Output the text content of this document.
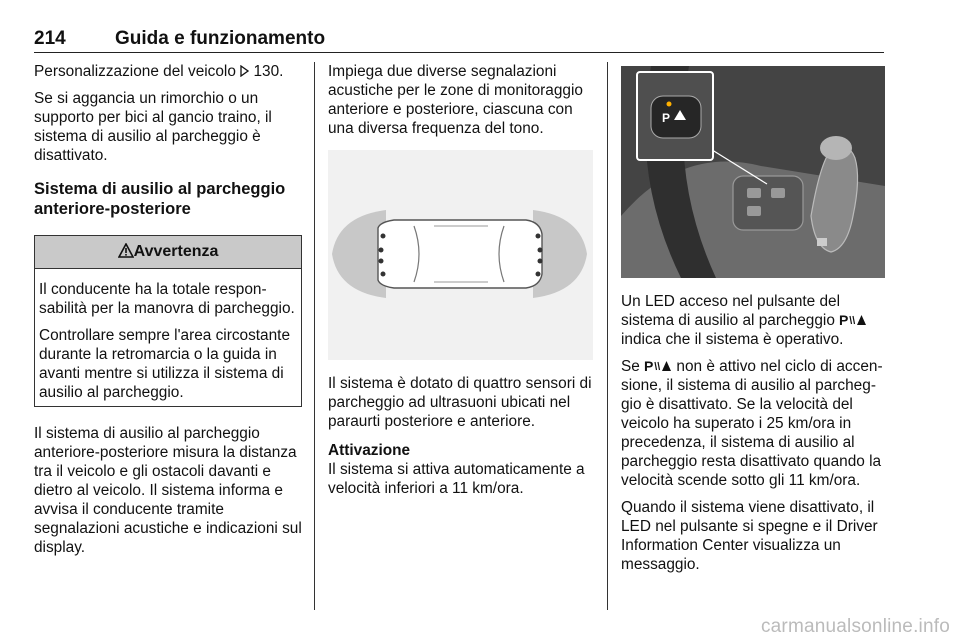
214	Guida e funzionamento

Personalizzazione del veicolo 130.

Se si aggancia un rimorchio o un supporto per bici al gancio traino, il sistema di ausilio al parcheggio è disattivato.

Sistema di ausilio al parcheggio anteriore-posteriore
Avvertenza

Il conducente ha la totale responsabilità per la manovra di parcheggio.

Controllare sempre l'area circostante durante la retromarcia o la guida in avanti mentre si utilizza il sistema di ausilio al parcheggio.

Il sistema di ausilio al parcheggio anteriore-posteriore misura la distanza tra il veicolo e gli ostacoli davanti e dietro al veicolo. Il sistema informa e avvisa il conducente tramite segnalazioni acustiche e indicazioni sul display.

Impiega due diverse segnalazioni acustiche per le zone di monitoraggio anteriore e posteriore, ciascuna con una diversa frequenza del tono.

Il sistema è dotato di quattro sensori di parcheggio ad ultrasuoni ubicati nel paraurti posteriore e anteriore.

Attivazione

Il sistema si attiva automaticamente a velocità inferiori a 11 km/ora.

P

Un LED acceso nel pulsante del sistema di ausilio al parcheggio P
indica che il sistema è operativo.

Se P non è attivo nel ciclo di accensione, il sistema di ausilio al parcheggio è disattivato. Se la velocità del veicolo ha superato i 25 km/ora in precedenza, il sistema di ausilio al parcheggio resta disattivato quando la velocità scende sotto gli 11 km/ora.

Quando il sistema viene disattivato, il LED nel pulsante si spegne e il Driver Information Center visualizza un messaggio.

carmanualsonline.info
